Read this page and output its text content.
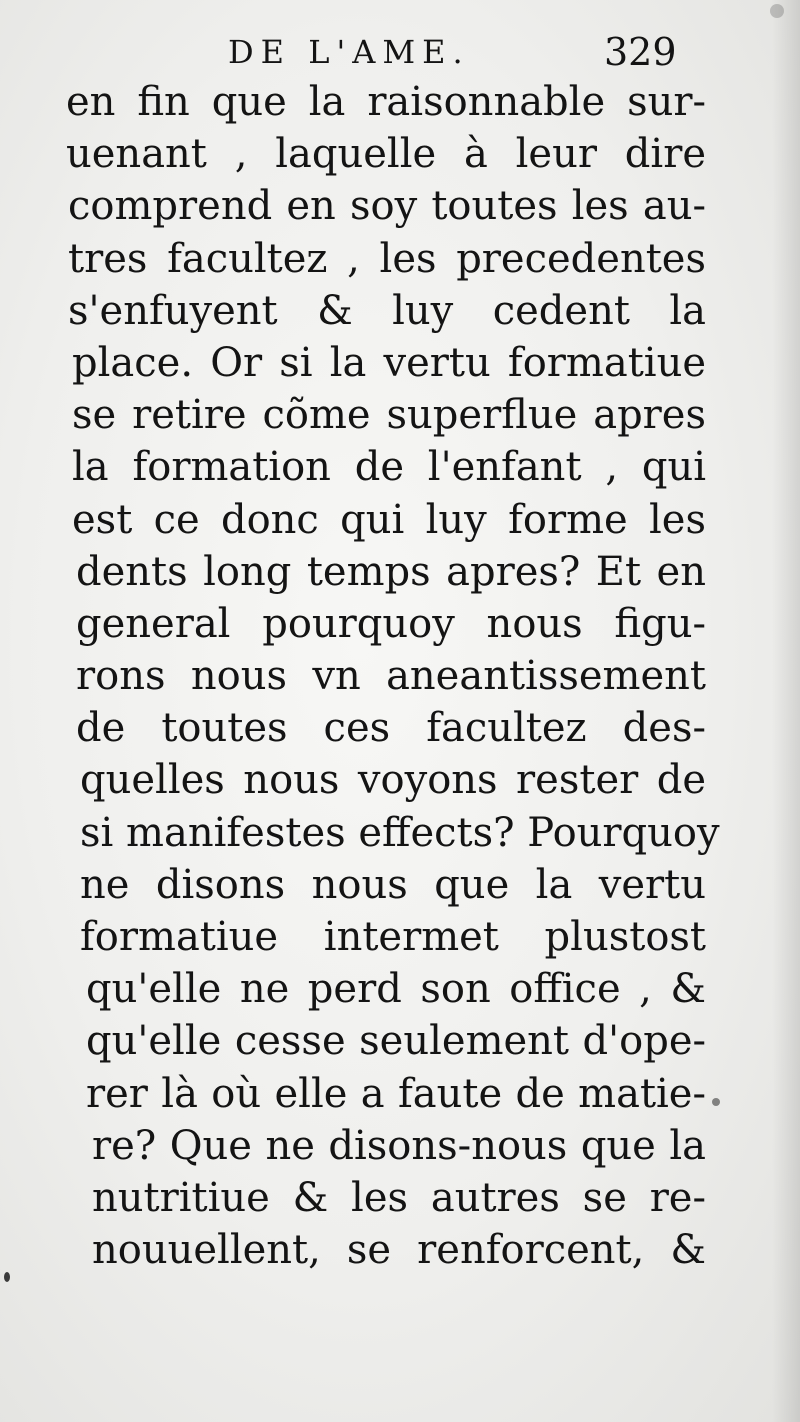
DE L'AME.	329
en fin que la raisonnable sur-
uenant , laquelle à leur dire
comprend en soy toutes les au-
tres facultez , les precedentes
s'enfuyent & luy cedent la
place. Or si la vertu formatiue
se retire cõme superflue apres
la formation de l'enfant , qui
est ce donc qui luy forme les
dents long temps apres? Et en
general pourquoy nous figu-
rons nous vn aneantissement
de toutes ces facultez des-
quelles nous voyons rester de
si manifestes effects? Pourquoy
ne disons nous que la vertu
formatiue intermet plustost
qu'elle ne perd son office , &
qu'elle cesse seulement d'ope-
rer là où elle a faute de matie-
re? Que ne disons-nous que la
nutritiue & les autres se re-
nouuellent, se renforcent, &
